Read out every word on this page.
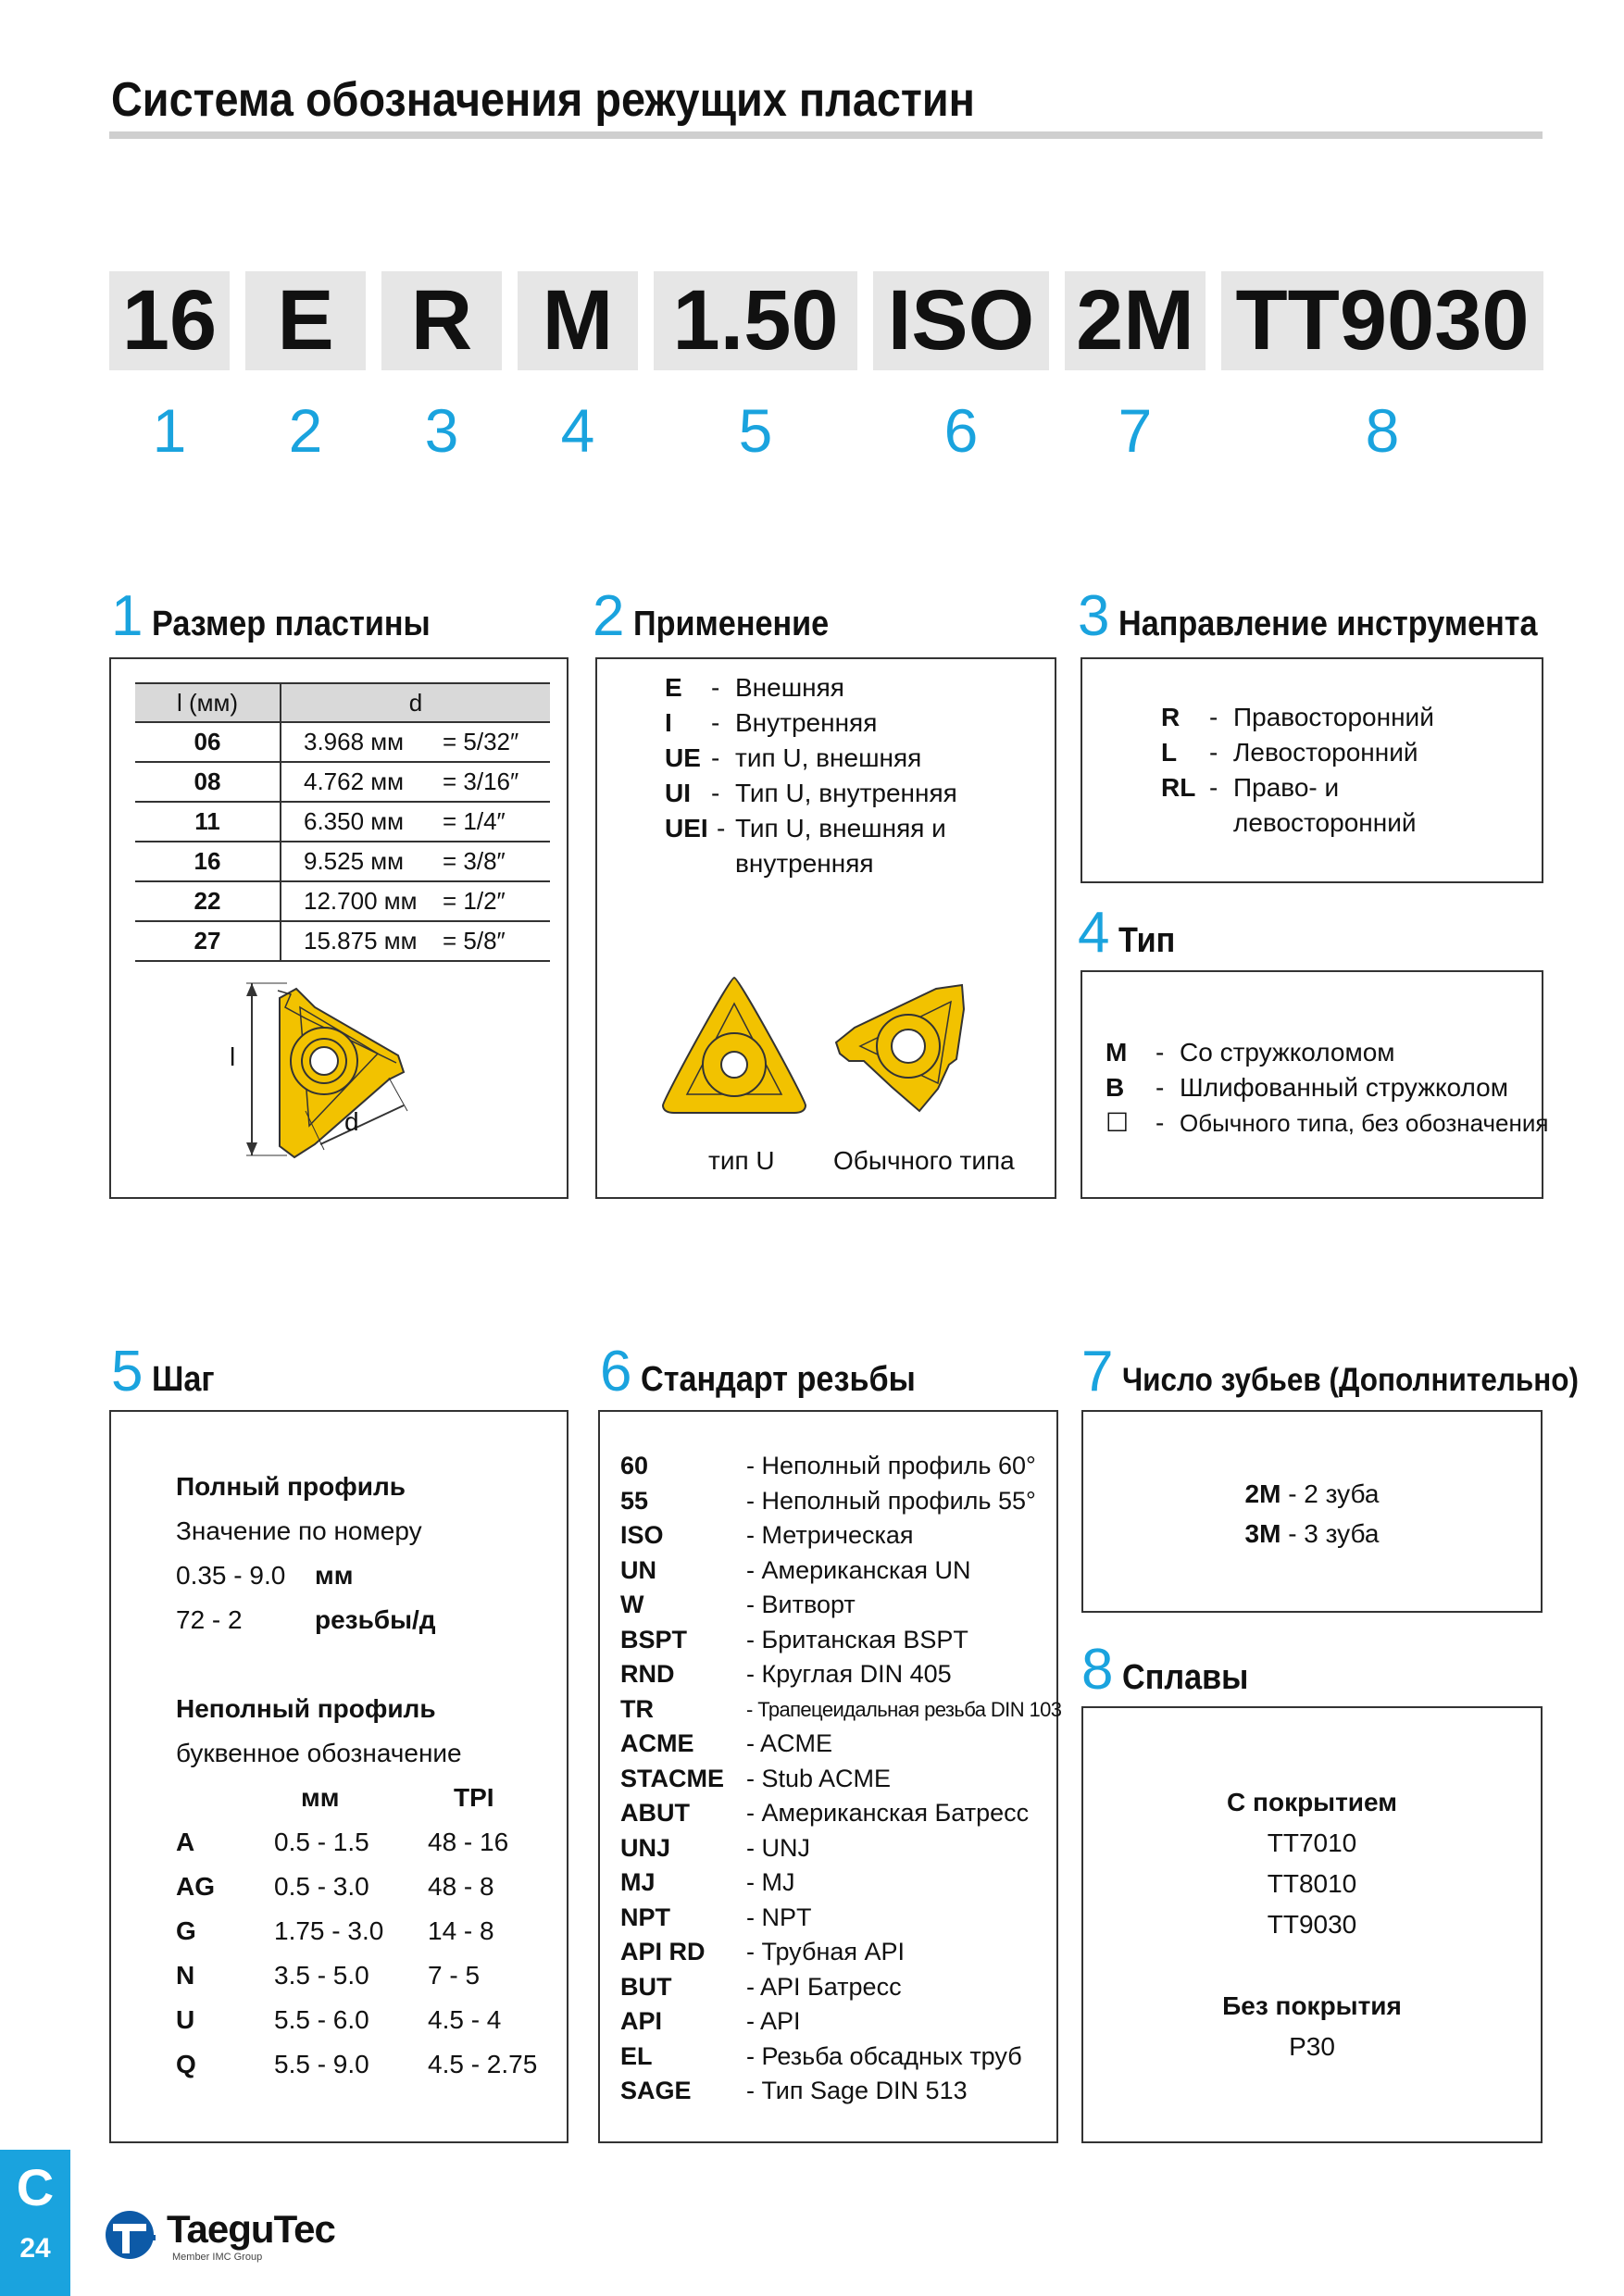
Система обозначения режущих пластин
16 E R M 1.50 ISO 2M TT9030
1	2	3	4	5	6	7	8
1 Размер пластины
l (мм)	d
06	3.968 мм = 5/32″
08	4.762 мм = 3/16″
11	6.350 мм = 1/4″
16	9.525 мм = 3/8″
22	12.700 мм = 1/2″
27	15.875 мм = 5/8″
l
d
2 Применение
E	- Внешняя
I	- Внутренняя
UE - тип U, внешняя
UI - Тип U, внутренняя
UEI - Тип U, внешняя и
внутренняя
тип U Обычного типа
3 Направление инструмента
R	- Правосторонний
L	- Левосторонний
RL - Право- и
левосторонний
4 Тип
M	- Со стружколомом
B	- Шлифованный стружколом
☐	- Обычного типа, без обозначения
5 Шаг
Полный профиль
Значение по номеру
0.35 - 9.0	мм
72 - 2	резьбы/д
Неполный профиль
буквенное обозначение
мм	TPI
A	0.5 - 1.5	48 - 16
AG	0.5 - 3.0	48 - 8
G	1.75 - 3.0	14 - 8
N	3.5 - 5.0	7 - 5
U	5.5 - 6.0	4.5 - 4
Q	5.5 - 9.0	4.5 - 2.75
6 Стандарт резьбы
60	- Неполный профиль 60°
55	- Неполный профиль 55°
ISO	- Метрическая
UN	- Американская UN
W	- Витворт
BSPT	- Британская BSPT
RND	- Круглая DIN 405
TR	- Трапецеидальная резьба DIN 103
ACME	- ACME
STACME - Stub ACME
ABUT	- Американская Батресс
UNJ	- UNJ
MJ	- MJ
NPT	- NPT
API RD	- Трубная API
BUT	- API Батресс
API	- API
EL	- Резьба обсадных труб
SAGE	- Тип Sage DIN 513
7 Число зубьев (Дополнительно)
2M - 2 зуба
3M - 3 зуба
8 Сплавы
С покрытием
TT7010
TT8010
TT9030
Без покрытия
P30
C
24	TaeguTec
Member IMC Group
